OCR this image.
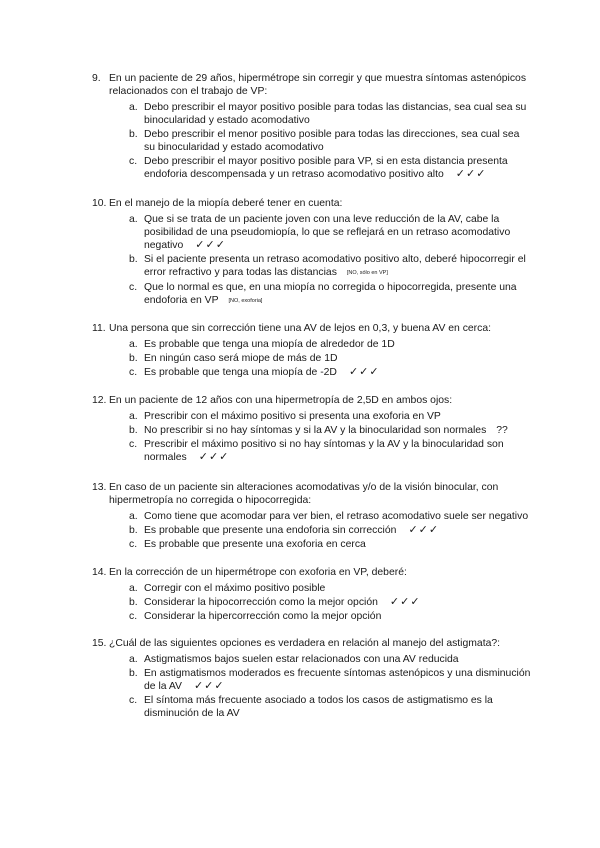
9. En un paciente de 29 años, hipermétrope sin corregir y que muestra síntomas astenópicos relacionados con el trabajo de VP:
a. Debo prescribir el mayor positivo posible para todas las distancias, sea cual sea su binocularidad y estado acomodativo
b. Debo prescribir el menor positivo posible para todas las direcciones, sea cual sea su binocularidad y estado acomodativo
c. Debo prescribir el mayor positivo posible para VP, si en esta distancia presenta endoforia descompensada y un retraso acomodativo positivo alto ✓✓✓
10. En el manejo de la miopía deberé tener en cuenta:
a. Que si se trata de un paciente joven con una leve reducción de la AV, cabe la posibilidad de una pseudomiopía, lo que se reflejará en un retraso acomodativo negativo ✓✓✓
b. Si el paciente presenta un retraso acomodativo positivo alto, deberé hipocorregir el error refractivo y para todas las distancias [NO, sólo en VP]
c. Que lo normal es que, en una miopía no corregida o hipocorregida, presente una endoforia en VP [NO, exoforia]
11. Una persona que sin corrección tiene una AV de lejos en 0,3, y buena AV en cerca:
a. Es probable que tenga una miopía de alrededor de 1D
b. En ningún caso será miope de más de 1D
c. Es probable que tenga una miopía de -2D ✓✓✓
12. En un paciente de 12 años con una hipermetropía de 2,5D en ambos ojos:
a. Prescribir con el máximo positivo si presenta una exoforia en VP
b. No prescribir si no hay síntomas y si la AV y la binocularidad son normales ??
c. Prescribir el máximo positivo si no hay síntomas y la AV y la binocularidad son normales ✓✓✓
13. En caso de un paciente sin alteraciones acomodativas y/o de la visión binocular, con hipermetropía no corregida o hipocorregida:
a. Como tiene que acomodar para ver bien, el retraso acomodativo suele ser negativo
b. Es probable que presente una endoforia sin corrección ✓✓✓
c. Es probable que presente una exoforia en cerca
14. En la corrección de un hipermétrope con exoforia en VP, deberé:
a. Corregir con el máximo positivo posible
b. Considerar la hipocorrección como la mejor opción ✓✓✓
c. Considerar la hipercorrección como la mejor opción
15. ¿Cuál de las siguientes opciones es verdadera en relación al manejo del astigmata?:
a. Astigmatismos bajos suelen estar relacionados con una AV reducida
b. En astigmatismos moderados es frecuente síntomas astenópicos y una disminución de la AV ✓✓✓
c. El síntoma más frecuente asociado a todos los casos de astigmatismo es la disminución de la AV
